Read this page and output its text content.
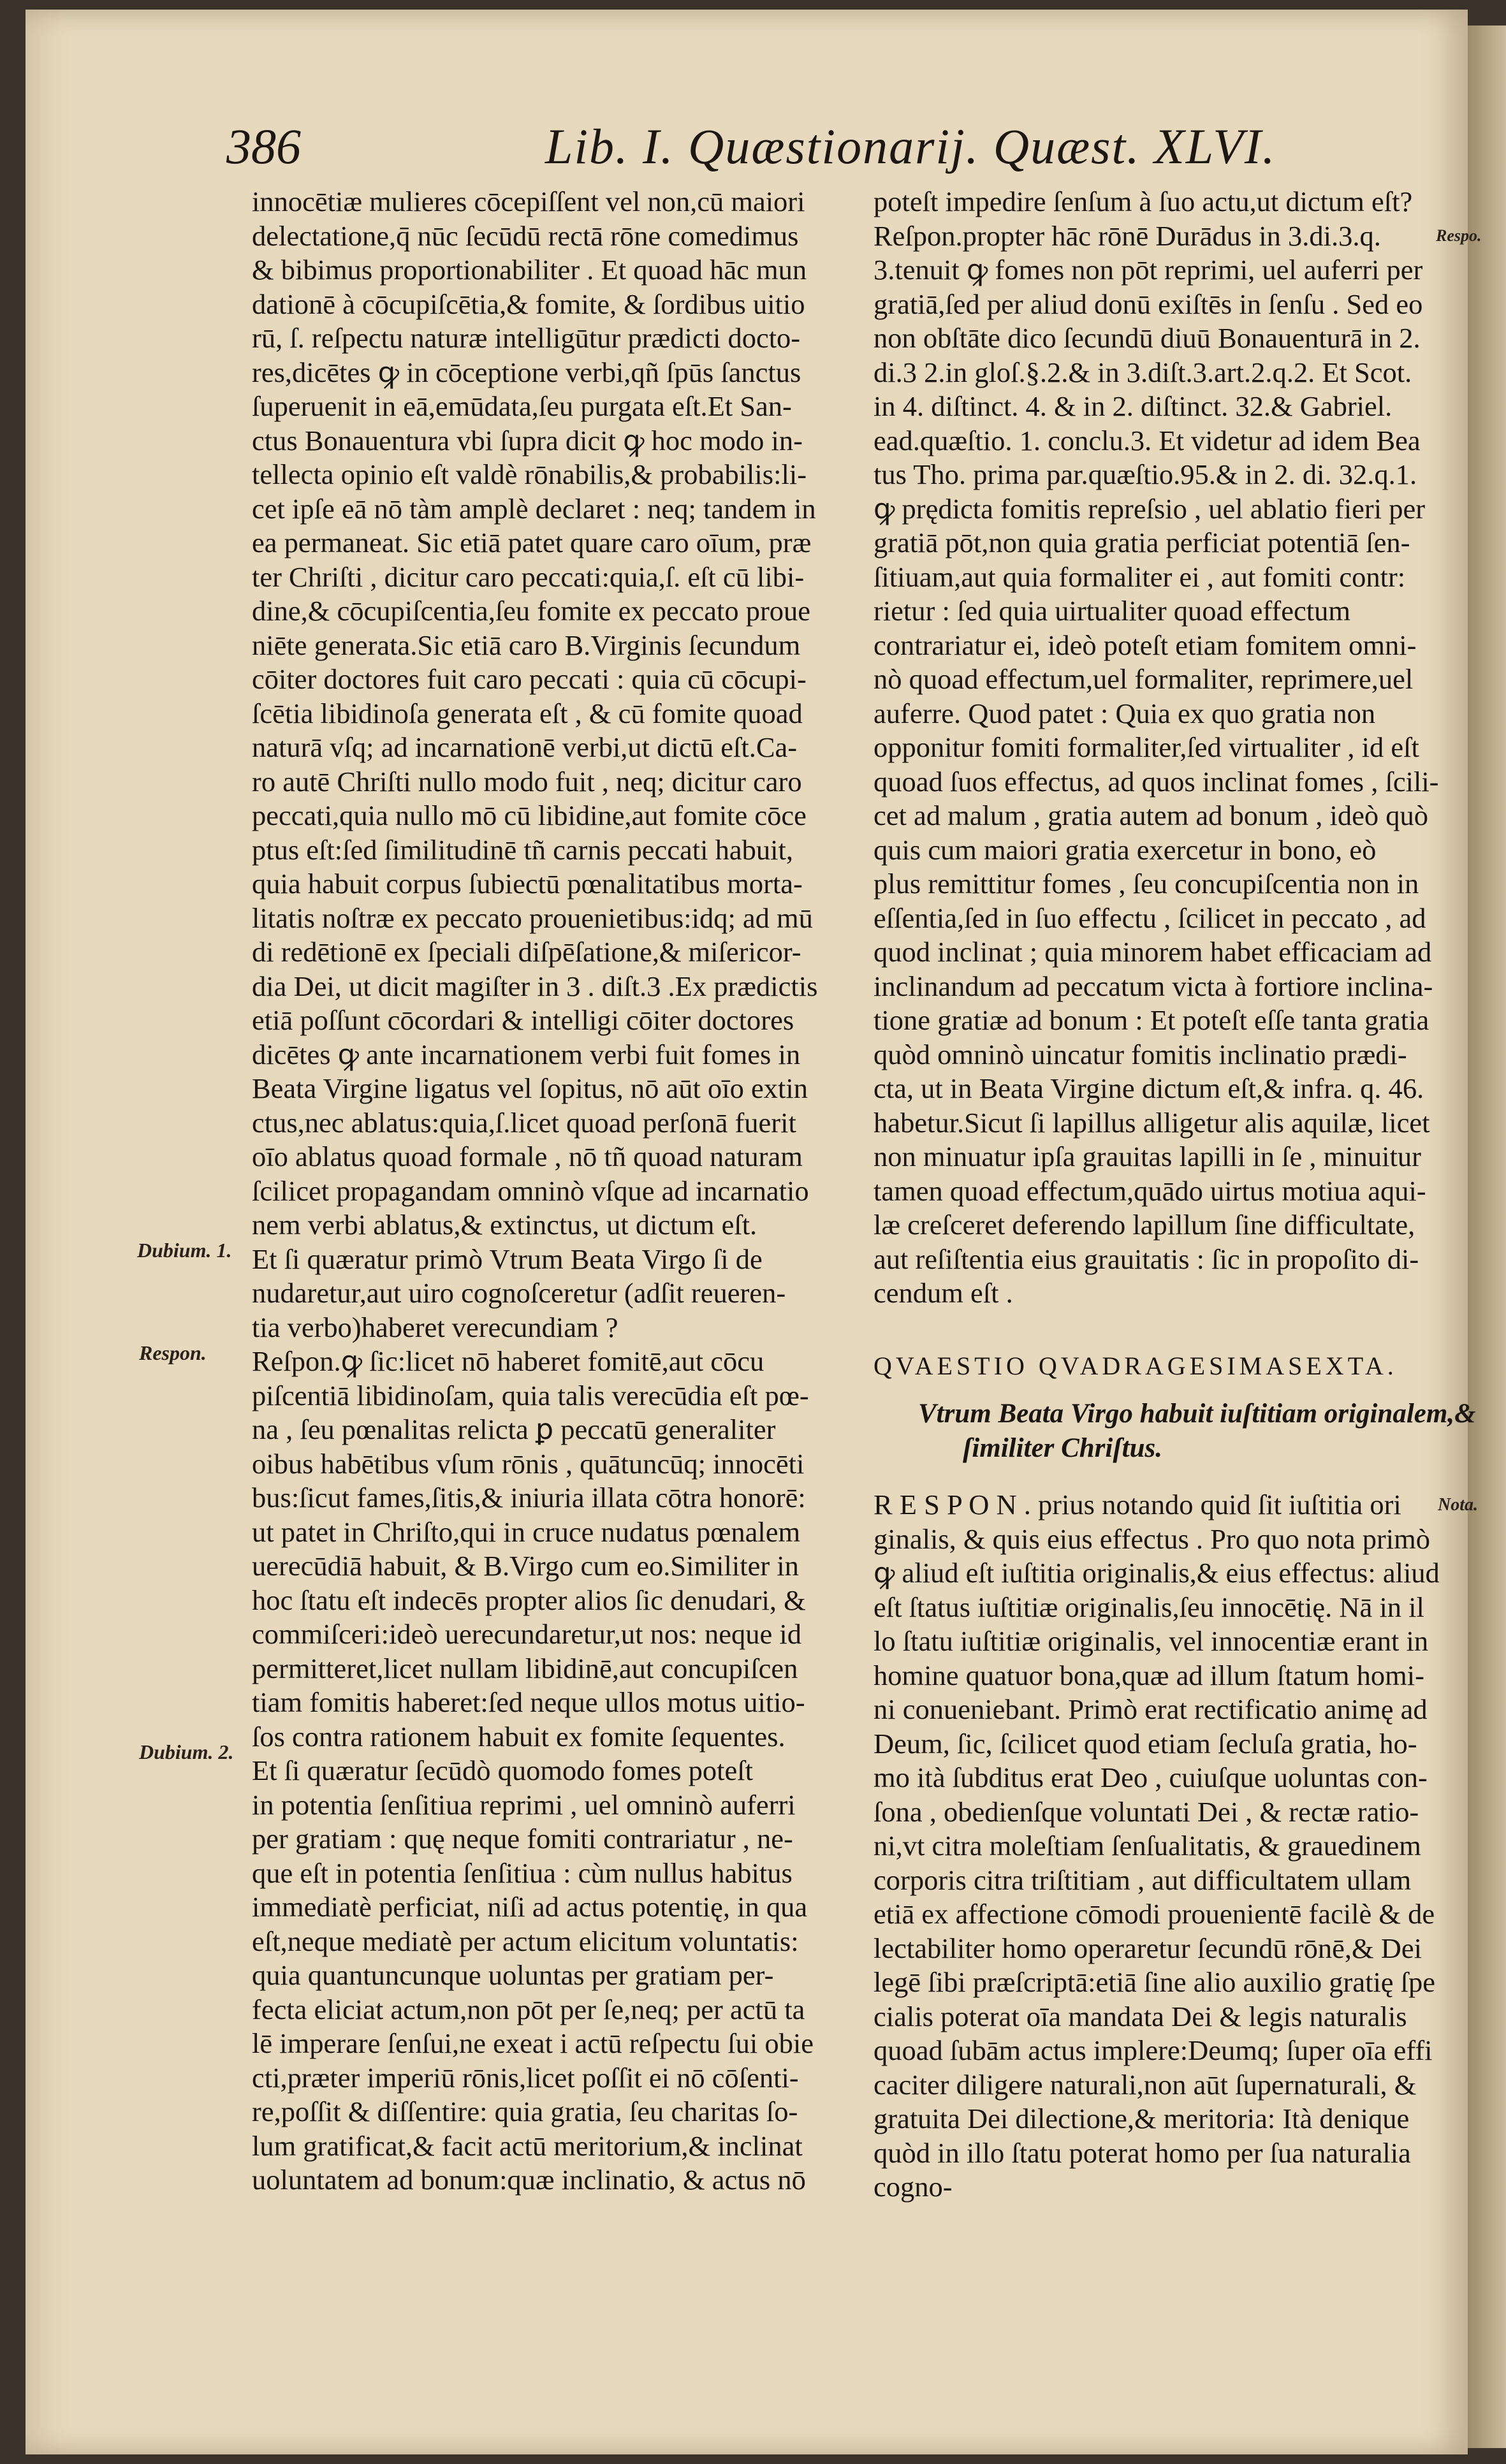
386	Lib. I. Quæstionarij. Quæst. XLVI.
Dubium. 1.
Respon.
Dubium. 2.
Respo.
Nota.
innocētiæ mulieres cōcepiſſent vel non,cū maiori
delectatione,q̄ nūc ſecūdū rectā rōne comedimus
& bibimus proportionabiliter . Et quoad hāc mun
dationē à cōcupiſcētia,& fomite, & ſordibus uitio
rū, ſ. reſpectu naturæ intelligūtur prædicti docto-
res,dicētes ꝙ in cōceptione verbi,qñ ſpūs ſanctus
ſuperuenit in eā,emūdata,ſeu purgata eſt.Et San-
ctus Bonauentura vbi ſupra dicit ꝙ hoc modo in-
tellecta opinio eſt valdè rōnabilis,& probabilis:li-
cet ipſe eā nō tàm amplè declaret : neq; tandem in
ea permaneat. Sic etiā patet quare caro oīum, præ
ter Chriſti , dicitur caro peccati:quia,ſ. eſt cū libi-
dine,& cōcupiſcentia,ſeu fomite ex peccato proue
niēte generata.Sic etiā caro B.Virginis ſecundum
cōiter doctores fuit caro peccati : quia cū cōcupi-
ſcētia libidinoſa generata eſt , & cū fomite quoad
naturā vſq; ad incarnationē verbi,ut dictū eſt.Ca-
ro autē Chriſti nullo modo fuit , neq; dicitur caro
peccati,quia nullo mō cū libidine,aut fomite cōce
ptus eſt:ſed ſimilitudinē tñ carnis peccati habuit,
quia habuit corpus ſubiectū pœnalitatibus morta-
litatis noſtræ ex peccato prouenietibus:idq; ad mū
di redētionē ex ſpeciali diſpēſatione,& miſericor-
dia Dei, ut dicit magiſter in 3 . diſt.3 .Ex prædictis
etiā poſſunt cōcordari & intelligi cōiter doctores
dicētes ꝙ ante incarnationem verbi fuit fomes in
Beata Virgine ligatus vel ſopitus, nō aūt oīo extin
ctus,nec ablatus:quia,ſ.licet quoad perſonā fuerit
oīo ablatus quoad formale , nō tñ quoad naturam
ſcilicet propagandam omninò vſque ad incarnatio
nem verbi ablatus,& extinctus, ut dictum eſt.
Et ſi quæratur primò Vtrum Beata Virgo ſi de
nudaretur,aut uiro cognoſceretur (adſit reueren-
tia verbo)haberet verecundiam ?
Reſpon.ꝙ ſic:licet nō haberet fomitē,aut cōcu
piſcentiā libidinoſam, quia talis verecūdia eſt pœ-
na , ſeu pœnalitas relicta ꝑ peccatū generaliter
oibus habētibus vſum rōnis , quātuncūq; innocēti
bus:ſicut fames,ſitis,& iniuria illata cōtra honorē:
ut patet in Chriſto,qui in cruce nudatus pœnalem
uerecūdiā habuit, & B.Virgo cum eo.Similiter in
hoc ſtatu eſt indecēs propter alios ſic denudari, &
commiſceri:ideò uerecundaretur,ut nos: neque id
permitteret,licet nullam libidinē,aut concupiſcen
tiam fomitis haberet:ſed neque ullos motus uitio-
ſos contra rationem habuit ex fomite ſequentes.
Et ſi quæratur ſecūdò quomodo fomes poteſt
in potentia ſenſitiua reprimi , uel omninò auferri
per gratiam : quę neque fomiti contrariatur , ne-
que eſt in potentia ſenſitiua : cùm nullus habitus
immediatè perficiat, niſi ad actus potentię, in qua
eſt,neque mediatè per actum elicitum voluntatis:
quia quantuncunque uoluntas per gratiam per-
fecta eliciat actum,non pōt per ſe,neq; per actū ta
lē imperare ſenſui,ne exeat i actū reſpectu ſui obie
cti,præter imperiū rōnis,licet poſſit ei nō cōſenti-
re,poſſit & diſſentire: quia gratia, ſeu charitas ſo-
lum gratificat,& facit actū meritorium,& inclinat
uoluntatem ad bonum:quæ inclinatio, & actus nō
poteſt impedire ſenſum à ſuo actu,ut dictum eſt?
Reſpon.propter hāc rōnē Durādus in 3.di.3.q.
3.tenuit ꝙ fomes non pōt reprimi, uel auferri per
gratiā,ſed per aliud donū exiſtēs in ſenſu . Sed eo
non obſtāte dico ſecundū diuū Bonauenturā in 2.
di.3 2.in gloſ.§.2.& in 3.diſt.3.art.2.q.2. Et Scot.
in 4. diſtinct. 4. & in 2. diſtinct. 32.& Gabriel.
ead.quæſtio. 1. conclu.3. Et videtur ad idem Bea
tus Tho. prima par.quæſtio.95.& in 2. di. 32.q.1.
ꝙ prędicta fomitis repreſsio , uel ablatio fieri per
gratiā pōt,non quia gratia perficiat potentiā ſen-
ſitiuam,aut quia formaliter ei , aut fomiti contr:
rietur : ſed quia uirtualiter quoad effectum
contrariatur ei, ideò poteſt etiam fomitem omni-
nò quoad effectum,uel formaliter, reprimere,uel
auferre. Quod patet : Quia ex quo gratia non
opponitur fomiti formaliter,ſed virtualiter , id eſt
quoad ſuos effectus, ad quos inclinat fomes , ſcili-
cet ad malum , gratia autem ad bonum , ideò quò
quis cum maiori gratia exercetur in bono, eò
plus remittitur fomes , ſeu concupiſcentia non in
eſſentia,ſed in ſuo effectu , ſcilicet in peccato , ad
quod inclinat ; quia minorem habet efficaciam ad
inclinandum ad peccatum victa à fortiore inclina-
tione gratiæ ad bonum : Et poteſt eſſe tanta gratia
quòd omninò uincatur fomitis inclinatio prædi-
cta, ut in Beata Virgine dictum eſt,& infra. q. 46.
habetur.Sicut ſi lapillus alligetur alis aquilæ, licet
non minuatur ipſa grauitas lapilli in ſe , minuitur
tamen quoad effectum,quādo uirtus motiua aqui-
læ creſceret deferendo lapillum ſine difficultate,
aut reſiſtentia eius grauitatis : ſic in propoſito di-
cendum eſt .
QVAESTIO QVADRAGESIMASEXTA.
Vtrum Beata Virgo habuit iuſtitiam originalem,&
ſimiliter Chriſtus.
R E S P O N . prius notando quid ſit iuſtitia ori
ginalis, & quis eius effectus . Pro quo nota primò
ꝙ aliud eſt iuſtitia originalis,& eius effectus: aliud
eſt ſtatus iuſtitiæ originalis,ſeu innocētię. Nā in il
lo ſtatu iuſtitiæ originalis, vel innocentiæ erant in
homine quatuor bona,quæ ad illum ſtatum homi-
ni conueniebant. Primò erat rectificatio animę ad
Deum, ſic, ſcilicet quod etiam ſecluſa gratia, ho-
mo ità ſubditus erat Deo , cuiuſque uoluntas con-
ſona , obedienſque voluntati Dei , & rectæ ratio-
ni,vt citra moleſtiam ſenſualitatis, & grauedinem
corporis citra triſtitiam , aut difficultatem ullam
etiā ex affectione cōmodi prouenientē facilè & de
lectabiliter homo operaretur ſecundū rōnē,& Dei
legē ſibi præſcriptā:etiā ſine alio auxilio gratię ſpe
cialis poterat oīa mandata Dei & legis naturalis
quoad ſubām actus implere:Deumq; ſuper oīa effi
caciter diligere naturali,non aūt ſupernaturali, &
gratuita Dei dilectione,& meritoria: Ità denique
quòd in illo ſtatu poterat homo per ſua naturalia
cogno-
